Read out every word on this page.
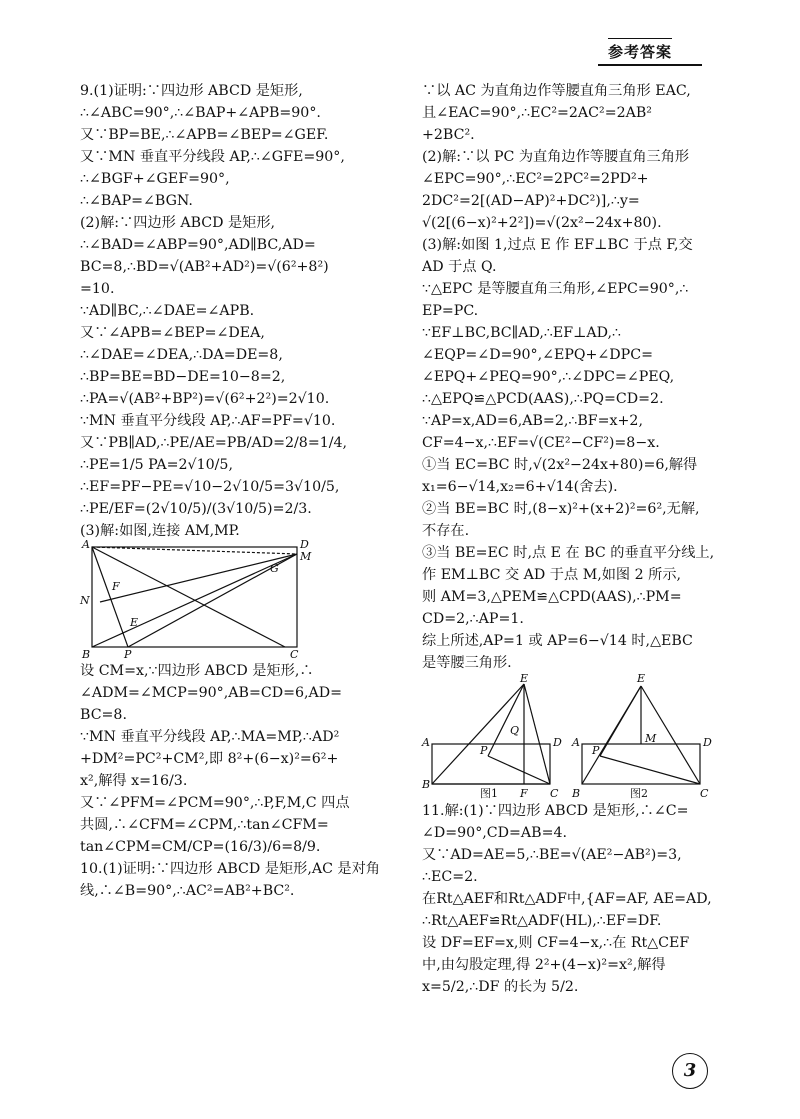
参考答案
9.(1)证明:∵四边形 ABCD 是矩形,
∴∠ABC=90°,∴∠BAP+∠APB=90°.
又∵BP=BE,∴∠APB=∠BEP=∠GEF.
又∵MN 垂直平分线段 AP,∴∠GFE=90°,
∴∠BGF+∠GEF=90°,
∴∠BAP=∠BGN.
(2)解:∵四边形 ABCD 是矩形,
∴∠BAD=∠ABP=90°,AD∥BC,AD=
BC=8,∴BD=√(AB²+AD²)=√(6²+8²)
=10.
∵AD∥BC,∴∠DAE=∠APB.
又∵∠APB=∠BEP=∠DEA,
∴∠DAE=∠DEA,∴DA=DE=8,
∴BP=BE=BD−DE=10−8=2,
∴PA=√(AB²+BP²)=√(6²+2²)=2√10.
∵MN 垂直平分线段 AP,∴AF=PF=√10.
又∵PB∥AD,∴PE/AE=PB/AD=2/8=1/4,
∴PE=1/5 PA=2√10/5,
∴EF=PF−PE=√10−2√10/5=3√10/5,
∴PE/EF=(2√10/5)/(3√10/5)=2/3.
(3)解:如图,连接 AM,MP.
A	D
M
G
N
F
E
B	P	C
设 CM=x,∵四边形 ABCD 是矩形,∴
∠ADM=∠MCP=90°,AB=CD=6,AD=
BC=8.
∵MN 垂直平分线段 AP,∴MA=MP,∴AD²
+DM²=PC²+CM²,即 8²+(6−x)²=6²+
x²,解得 x=16/3.
又∵∠PFM=∠PCM=90°,∴P,F,M,C 四点
共圆,∴∠CFM=∠CPM,∴tan∠CFM=
tan∠CPM=CM/CP=(16/3)/6=8/9.
10.(1)证明:∵四边形 ABCD 是矩形,AC 是对角
线,∴∠B=90°,∴AC²=AB²+BC².
∵以 AC 为直角边作等腰直角三角形 EAC,
且∠EAC=90°,∴EC²=2AC²=2AB²
+2BC².
(2)解:∵以 PC 为直角边作等腰直角三角形
∠EPC=90°,∴EC²=2PC²=2PD²+
2DC²=2[(AD−AP)²+DC²)],∴y=
√(2[(6−x)²+2²])=√(2x²−24x+80).
(3)解:如图 1,过点 E 作 EF⊥BC 于点 F,交
AD 于点 Q.
∵△EPC 是等腰直角三角形,∠EPC=90°,∴
EP=PC.
∵EF⊥BC,BC∥AD,∴EF⊥AD,∴
∠EQP=∠D=90°,∠EPQ+∠DPC=
∠EPQ+∠PEQ=90°,∴∠DPC=∠PEQ,
∴△EPQ≌△PCD(AAS),∴PQ=CD=2.
∵AP=x,AD=6,AB=2,∴BF=x+2,
CF=4−x,∴EF=√(CE²−CF²)=8−x.
①当 EC=BC 时,√(2x²−24x+80)=6,解得
x₁=6−√14,x₂=6+√14(舍去).
②当 BE=BC 时,(8−x)²+(x+2)²=6²,无解,
不存在.
③当 BE=EC 时,点 E 在 BC 的垂直平分线上,
作 EM⊥BC 交 AD 于点 M,如图 2 所示,
则 AM=3,△PEM≌△CPD(AAS),∴PM=
CD=2,∴AP=1.
综上所述,AP=1 或 AP=6−√14 时,△EBC
是等腰三角形.
E
Q
A
P
D
B
F C
E
A	M	D
P
B	C
图1	图2
11.解:(1)∵四边形 ABCD 是矩形,∴∠C=
∠D=90°,CD=AB=4.
又∵AD=AE=5,∴BE=√(AE²−AB²)=3,
∴EC=2.
在Rt△AEF和Rt△ADF中,{AF=AF, AE=AD,
∴Rt△AEF≌Rt△ADF(HL),∴EF=DF.
设 DF=EF=x,则 CF=4−x,∴在 Rt△CEF
中,由勾股定理,得 2²+(4−x)²=x²,解得
x=5/2,∴DF 的长为 5/2.
3
